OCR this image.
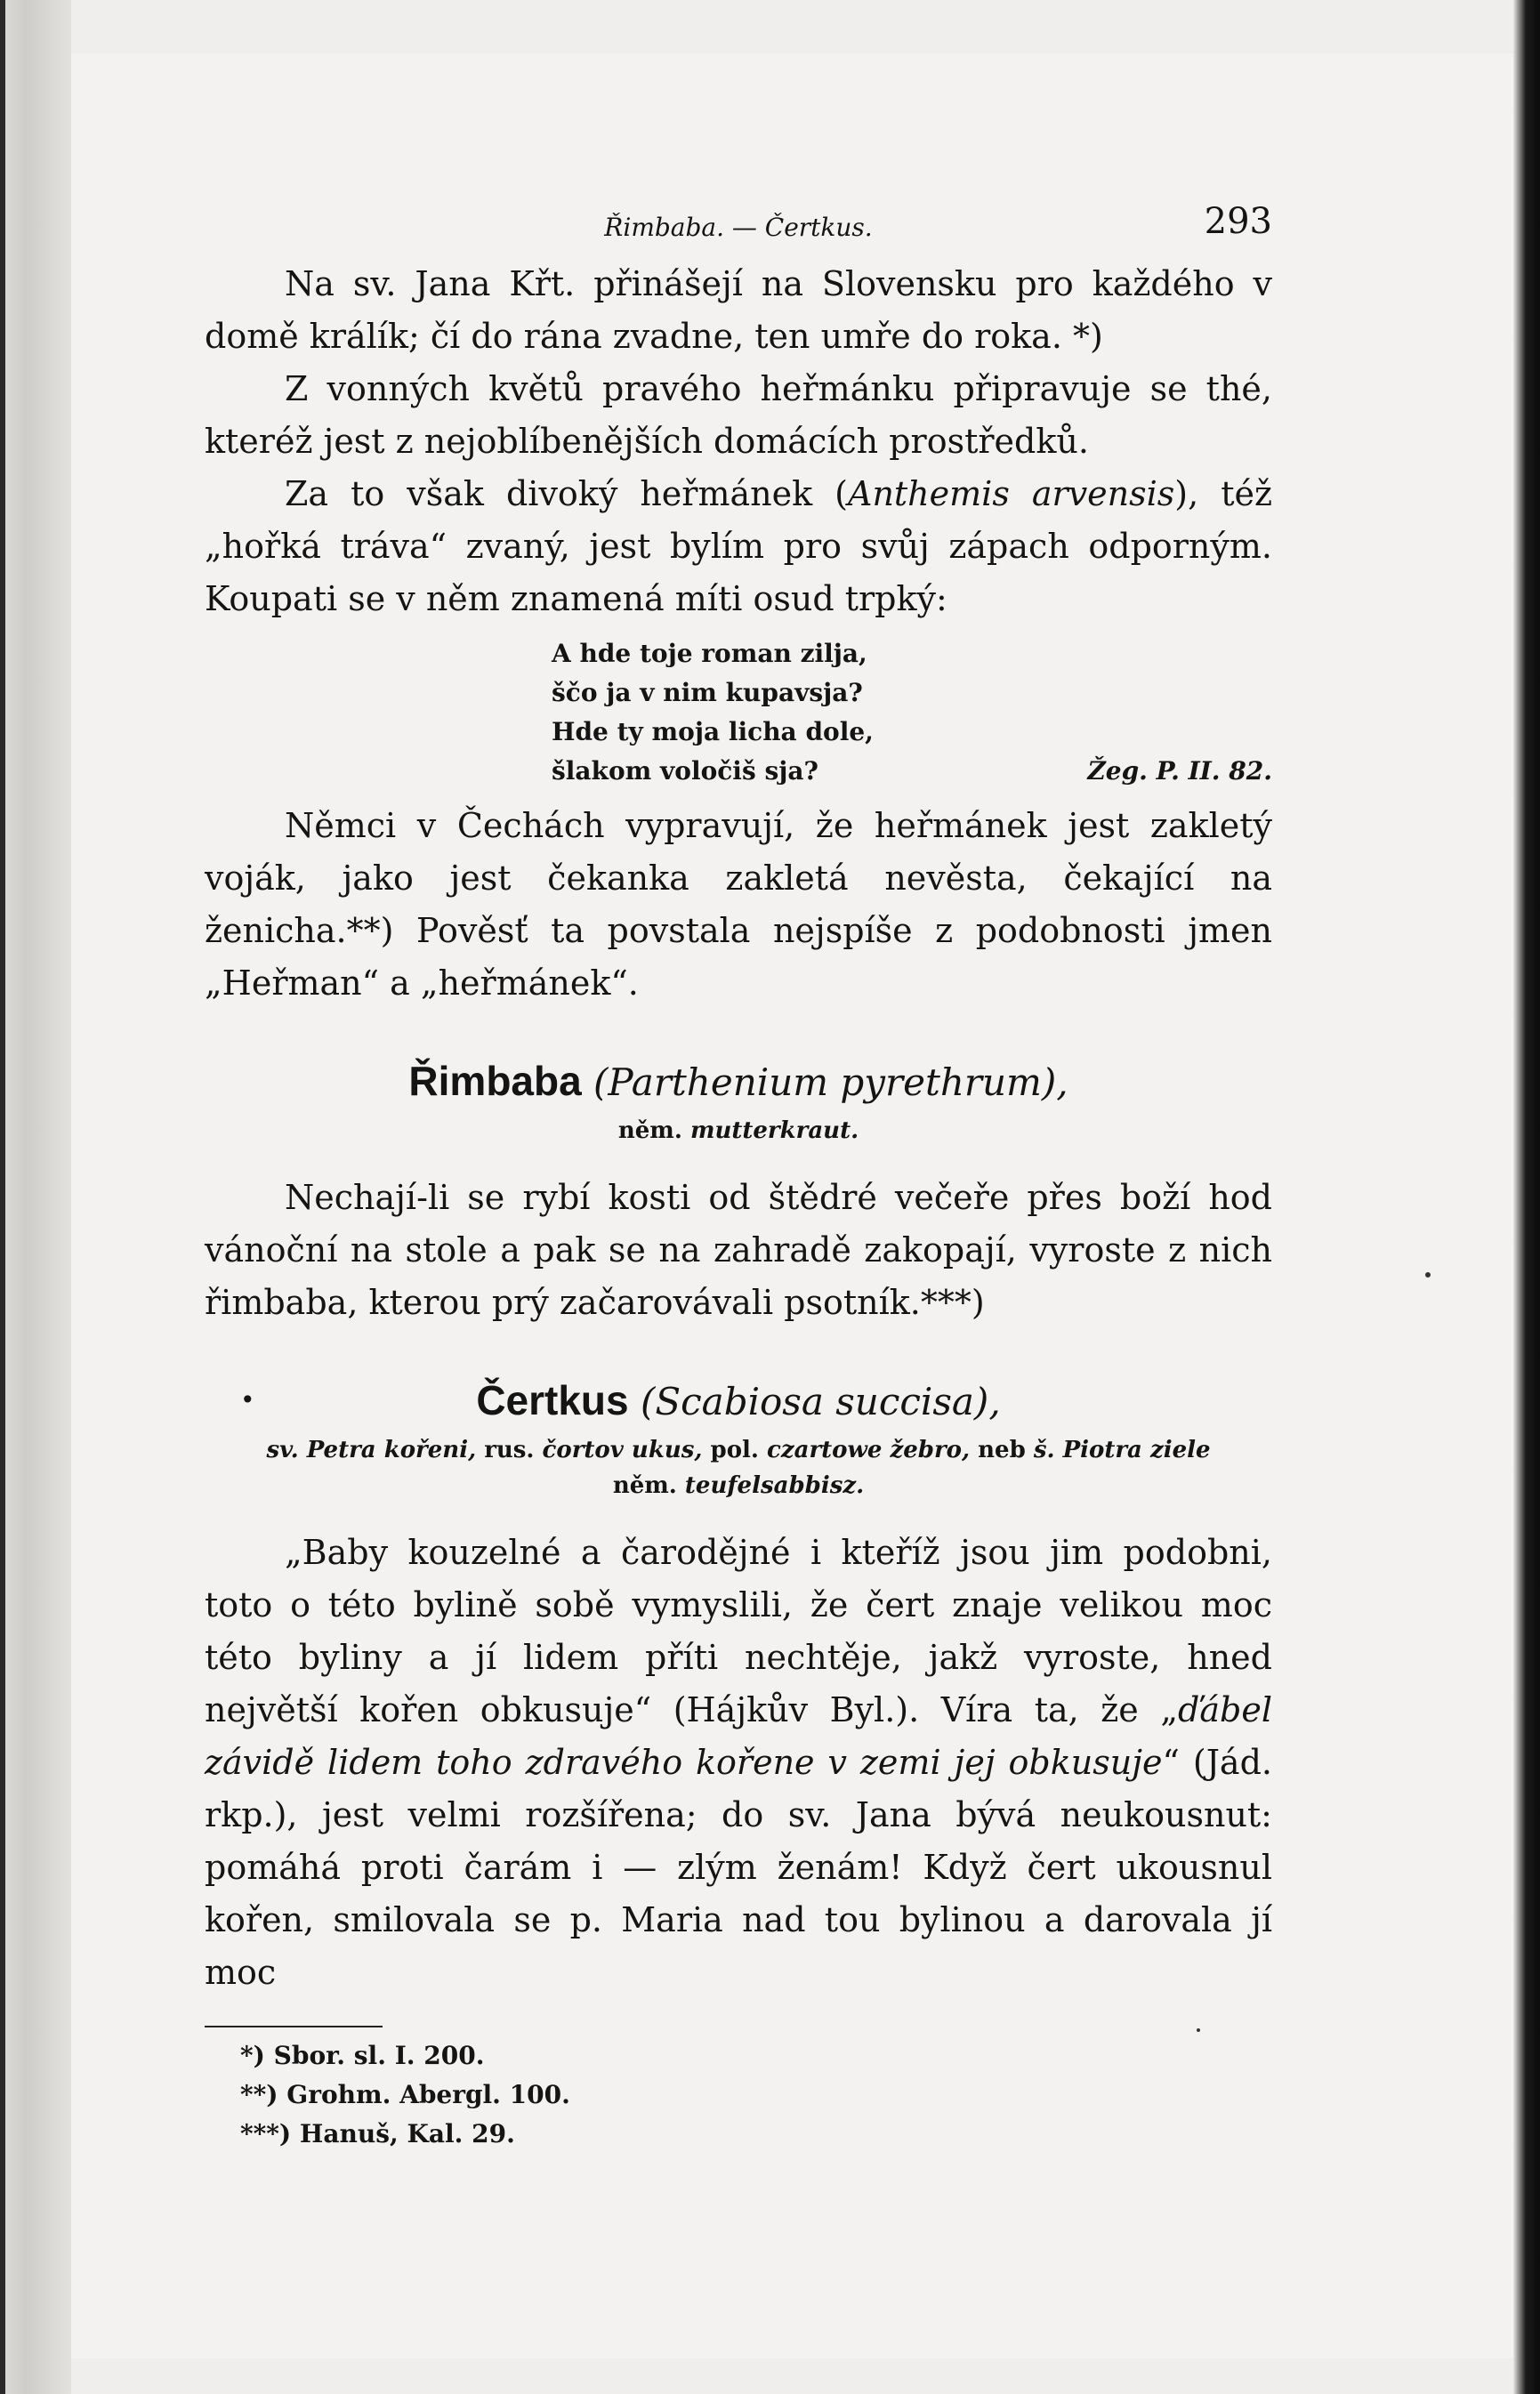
Řimbaba. — Čertkus.	293

Na sv. Jana Křt. přinášejí na Slovensku pro každého v domě králík; čí do rána zvadne, ten umře do roka. *)

Z vonných květů pravého heřmánku připravuje se thé, kteréž jest z nejoblíbenějších domácích prostředků.

Za to však divoký heřmánek (Anthemis arvensis), též „hořká tráva“ zvaný, jest bylím pro svůj zápach odporným. Koupati se v něm znamená míti osud trpký:

A hde toje roman zilja,
ščo ja v nim kupavsja?
Hde ty moja licha dole,
šlakom voločiš sja?	Žeg. P. II. 82.

Němci v Čechách vypravují, že heřmánek jest zakletý voják, jako jest čekanka zakletá nevěsta, čekající na ženicha.**) Pověsť ta povstala nejspíše z podobnosti jmen „Heřman“ a „heřmánek“.

Řimbaba (Parthenium pyrethrum),
něm. mutterkraut.

Nechají-li se rybí kosti od štědré večeře přes boží hod vánoční na stole a pak se na zahradě zakopají, vyroste z nich řimbaba, kterou prý začarovávali psotník.***)

•	Čertkus (Scabiosa succisa),
sv. Petra kořeni, rus. čortov ukus, pol. czartowe žebro, neb š. Piotra ziele
něm. teufelsabbisz.

„Baby kouzelné a čarodějné i kteříž jsou jim podobni, toto o této bylině sobě vymyslili, že čert znaje velikou moc této byliny a jí lidem příti nechtěje, jakž vyroste, hned největší kořen obkusuje“ (Hájkův Byl.). Víra ta, že „ďábel závidě lidem toho zdravého kořene v zemi jej obkusuje“ (Jád. rkp.), jest velmi rozšířena; do sv. Jana bývá neukousnut: pomáhá proti čarám i — zlým ženám! Když čert ukousnul kořen, smilovala se p. Maria nad tou bylinou a darovala jí moc

*) Sbor. sl. I. 200.
**) Grohm. Abergl. 100.
***) Hanuš, Kal. 29.
